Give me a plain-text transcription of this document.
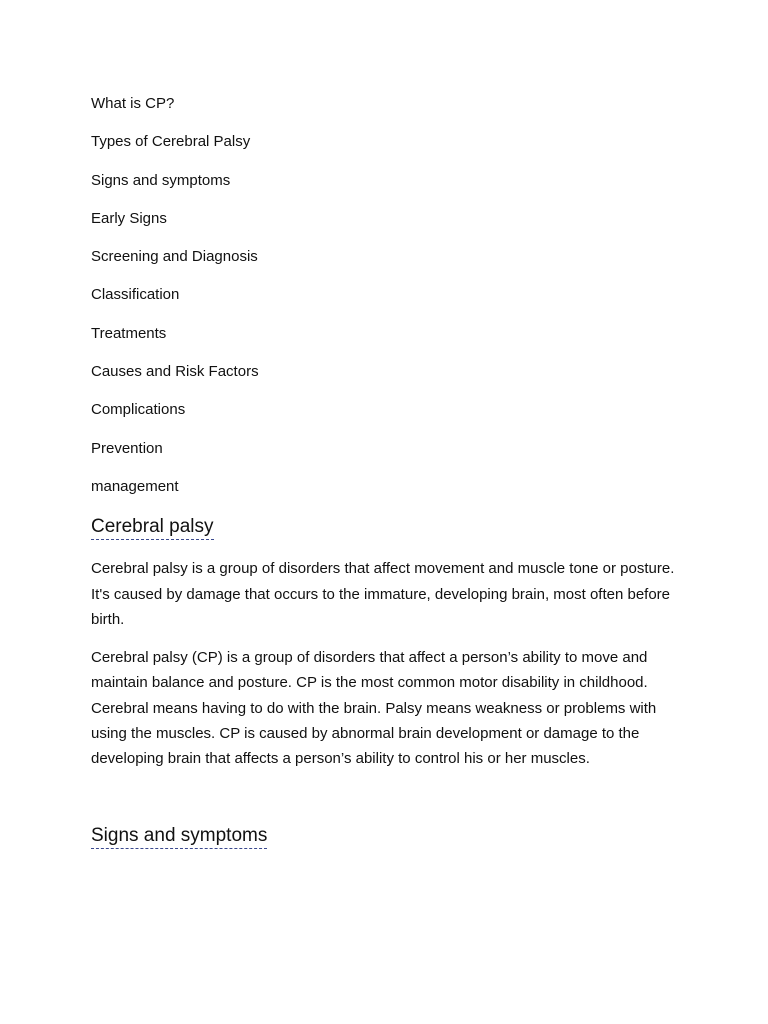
What is CP?
Types of Cerebral Palsy
Signs and symptoms
Early Signs
Screening and Diagnosis
Classification
Treatments
Causes and Risk Factors
Complications
Prevention
management
Cerebral palsy

Cerebral palsy is a group of disorders that affect movement and muscle tone or posture. It's caused by damage that occurs to the immature, developing brain, most often before birth.

Cerebral palsy (CP) is a group of disorders that affect a person’s ability to move and maintain balance and posture. CP is the most common motor disability in childhood. Cerebral means having to do with the brain. Palsy means weakness or problems with using the muscles. CP is caused by abnormal brain development or damage to the developing brain that affects a person’s ability to control his or her muscles.

Signs and symptoms
